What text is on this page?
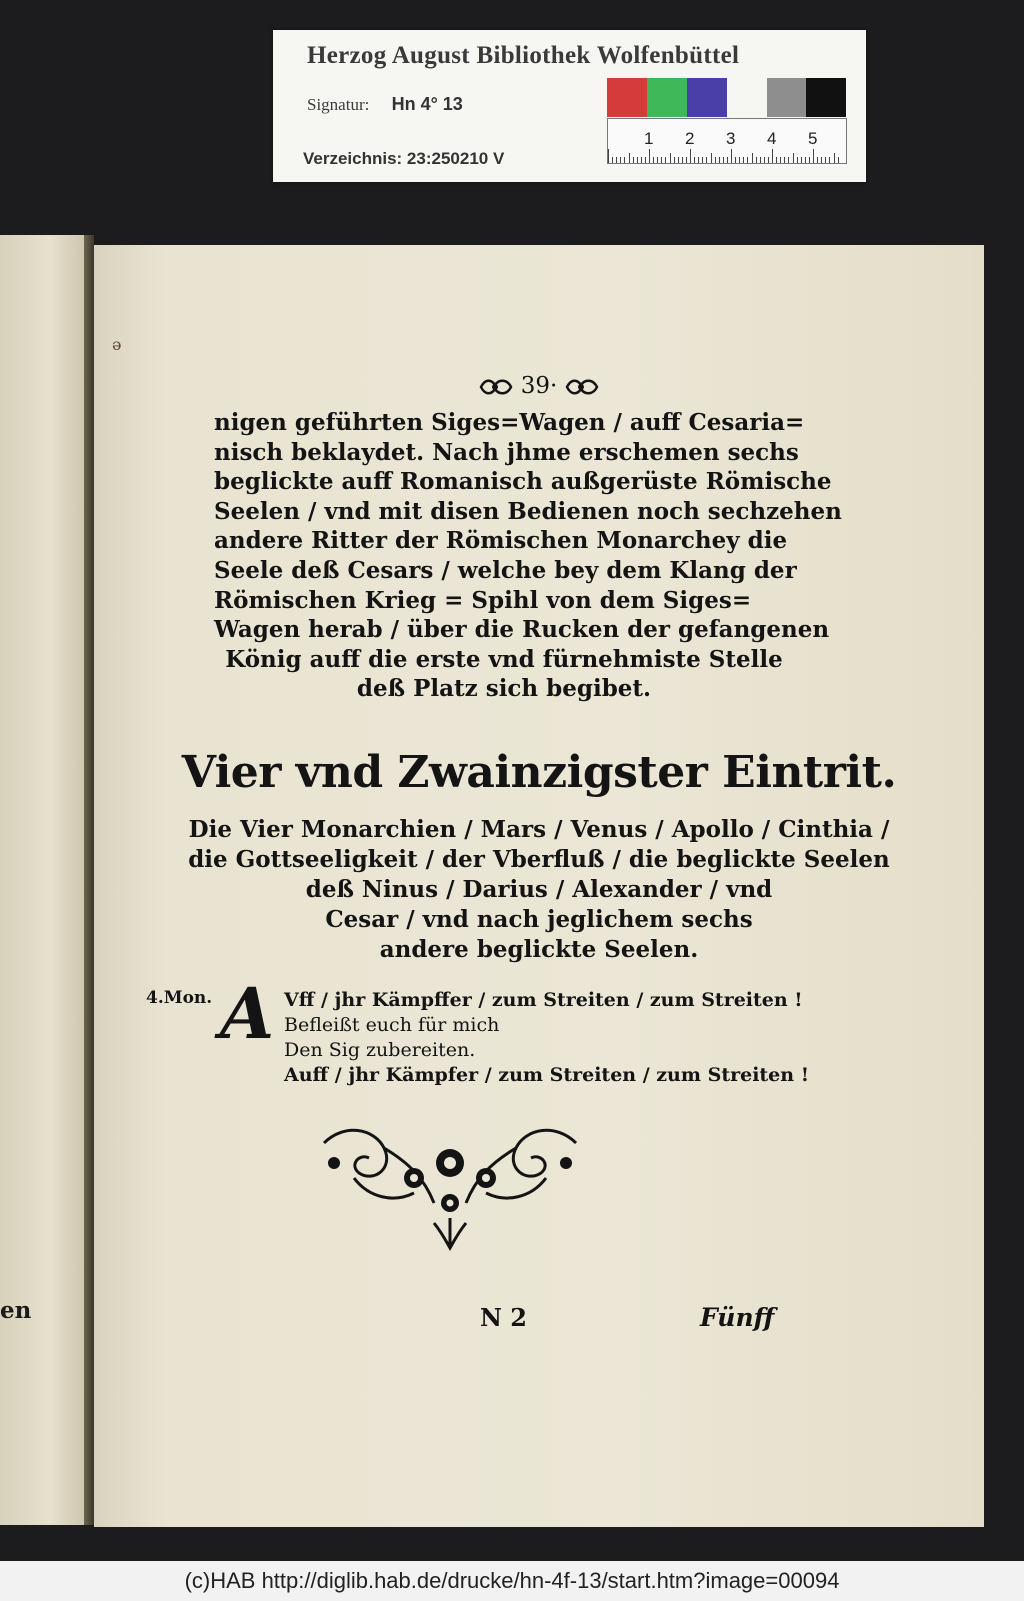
Herzog August Bibliothek Wolfenbüttel
Signatur: Hn 4° 13
Verzeichnis: 23:250210 V
1 2 3 4 5
en
ə
39·
nigen geführten Siges=Wagen / auff Cesaria=
nisch beklaydet. Nach jhme erschemen sechs
beglickte auff Romanisch außgerüste Römische
Seelen / vnd mit disen Bedienen noch sechzehen
andere Ritter der Römischen Monarchey die
Seele deß Cesars / welche bey dem Klang der
Römischen Krieg = Spihl von dem Siges=
Wagen herab / über die Rucken der gefangenen
König auff die erste vnd fürnehmiste Stelle
deß Platz sich begibet.
Vier vnd Zwainzigster Eintrit.
Die Vier Monarchien / Mars / Venus / Apollo / Cinthia /
die Gottseeligkeit / der Vberfluß / die beglickte Seelen
deß Ninus / Darius / Alexander / vnd
Cesar / vnd nach jeglichem sechs
andere beglickte Seelen.
4.Mon. A Vff / jhr Kämpffer / zum Streiten / zum Streiten !
Befleißt euch für mich
Den Sig zubereiten.
Auff / jhr Kämpfer / zum Streiten / zum Streiten !
N 2	Fünff
(c)HAB http://diglib.hab.de/drucke/hn-4f-13/start.htm?image=00094
